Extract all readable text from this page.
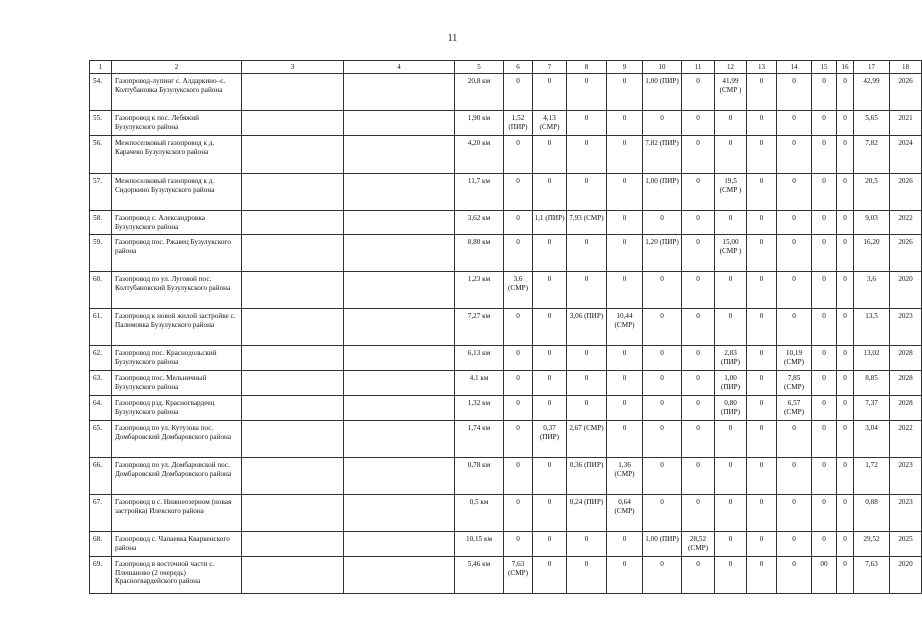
11
1	2	3	4	5	6	7	8	9	10	11	12	13	14	15	16	17	18
54.	Газопровод-лупинг с. Алдаркино–с. Колтубановка Бузулукского района			20,8 км	0	0	0	0	1,00 (ПИР)	0	41,99 (СМР )	0	0	0	0	42,99	2026
55.	Газопровод к пос. Лебяжий Бузулукского района			1,90 км	1,52 (ПИР)	4,13 (СМР)	0	0	0	0	0	0	0	0	0	5,65	2021
56.	Межпоселковый газопровод к д. Карачево Бузулукского района			4,20 км	0	0	0	0	7,82 (ПИР)	0	0	0	0	0	0	7,82	2024
57.	Межпоселковый газопровод к д. Сидоркино Бузулукского района			11,7 км	0	0	0	0	1,00 (ПИР)	0	19,5 (СМР )	0	0	0	0	20,5	2026
58.	Газопровод с. Александровка Бузулукского района			3,62 км	0	1,1 (ПИР)	7,93 (СМР)	0	0	0	0	0	0	0	0	9,03	2022
59.	Газопровод пос. Ржавец Бузулукского района			8,80 км	0	0	0	0	1,20 (ПИР)	0	15,00 (СМР )	0	0	0	0	16,20	2026
60.	Газопровод по ул. Луговой пос. Колтубановский Бузулукского района			1,23 км	3,6 (СМР)	0	0	0	0	0	0	0	0	0	0	3,6	2020
61.	Газопровод к новой жилой застройке с. Палимовка Бузулукского района			7,27 км	0	0	3,06 (ПИР)	10,44 (СМР)	0	0	0	0	0	0	0	13,5	2023
62.	Газопровод пос. Краснодольский Бузулукского района			6,13 км	0	0	0	0	0	0	2,83 (ПИР)	0	10,19 (СМР)	0	0	13,02	2028
63.	Газопровод пос. Мельничный Бузулукского района			4,1 км	0	0	0	0	0	0	1,00 (ПИР)	0	7,85 (СМР)	0	0	8,85	2028
64.	Газопровод рзд. Красногвардеец Бузулукского района			1,32 км	0	0	0	0	0	0	0,80 (ПИР)	0	6,57 (СМР)	0	0	7,37	2028
65.	Газопровод по ул. Кутузова пос. Домбаровский Домбаровского района			1,74 км	0	0,37 (ПИР)	2,67 (СМР)	0	0	0	0	0	0	0	0	3,04	2022
66.	Газопровод по ул. Домбаровской пос. Домбаровский Домбаровского района			0,78 км	0	0	0,36 (ПИР)	1,36 (СМР)	0	0	0	0	0	0	0	1,72	2023
67.	Газопровод в с. Нижнеозерном (новая застройка) Илекского района			0,5 км	0	0	0,24 (ПИР)	0,64 (СМР)	0	0	0	0	0	0	0	0,88	2023
68.	Газопровод с. Чапаевка Кваркенского района			10,15 км	0	0	0	0	1,00 (ПИР)	28,52 (СМР)	0	0	0	0	0	29,52	2025
69.	Газопровод в восточной части с. Плешаново (2 очередь) Красногвардейского района			5,46 км	7,63 (СМР)	0	0	0	0	0	0	0	0	00	0	7,63	2020
